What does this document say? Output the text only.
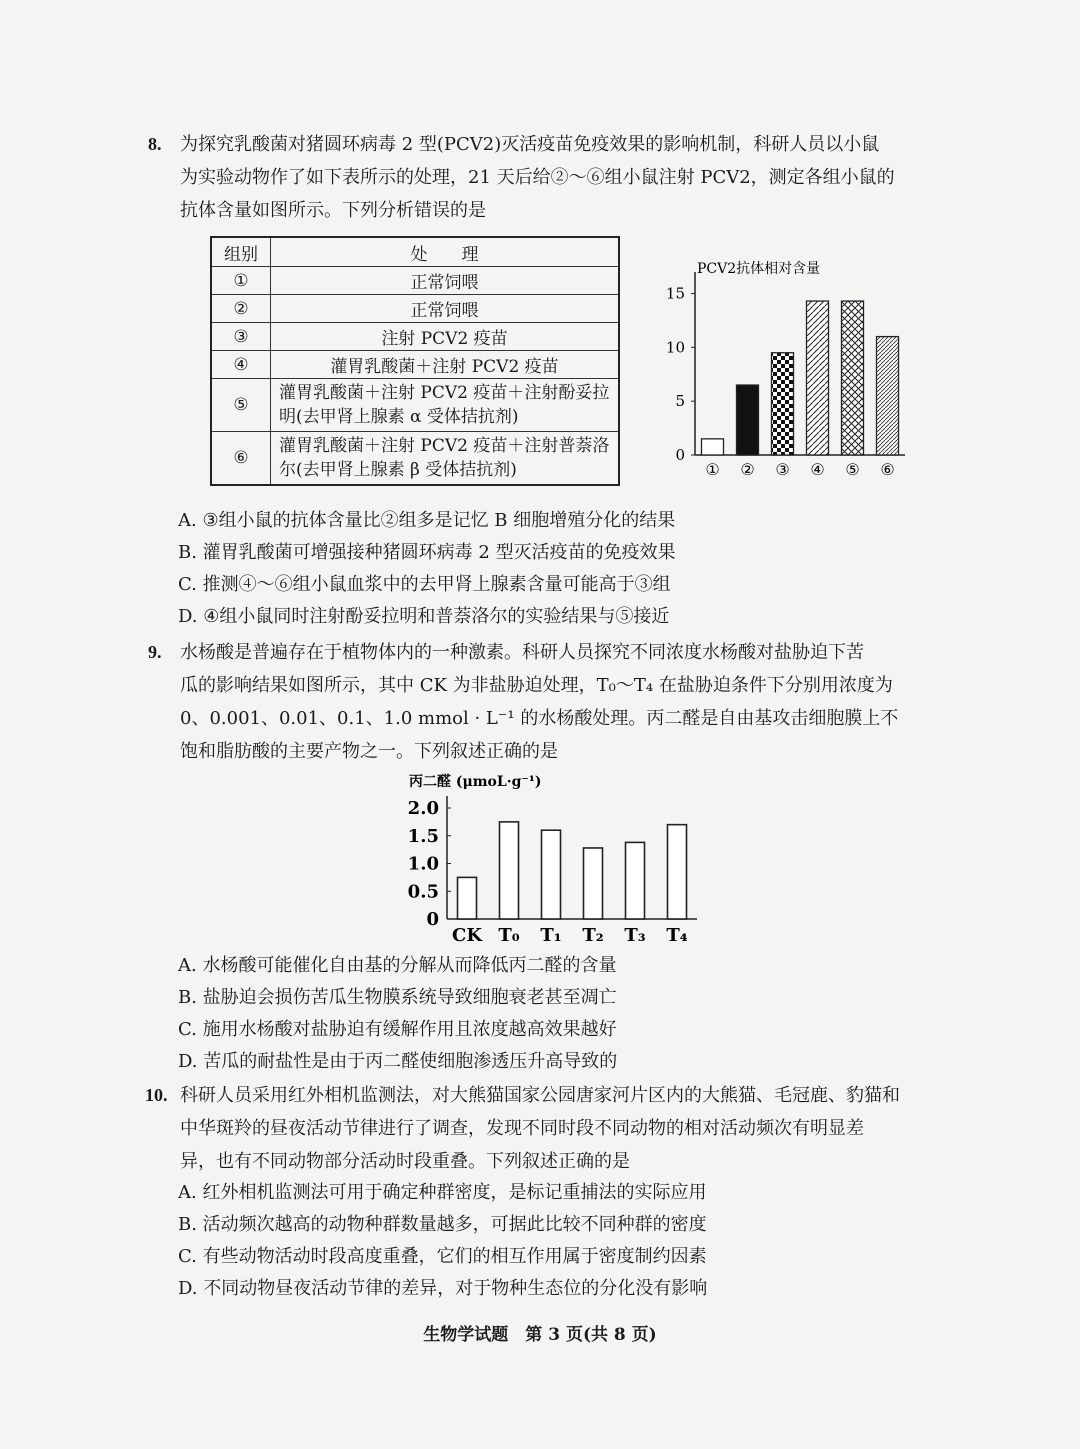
8. 为探究乳酸菌对猪圆环病毒 2 型(PCV2)灭活疫苗免疫效果的影响机制，科研人员以小鼠
为实验动物作了如下表所示的处理，21 天后给②～⑥组小鼠注射 PCV2，测定各组小鼠的
抗体含量如图所示。下列分析错误的是
组别	处　　理
①	正常饲喂
②	正常饲喂
③	注射 PCV2 疫苗
④	灌胃乳酸菌＋注射 PCV2 疫苗
⑤	灌胃乳酸菌＋注射 PCV2 疫苗＋注射酚妥拉明(去甲肾上腺素 α 受体拮抗剂)
⑥	灌胃乳酸菌＋注射 PCV2 疫苗＋注射普萘洛尔(去甲肾上腺素 β 受体拮抗剂)
PCV2抗体相对含量
0
5
10
15
① ② ③ ④ ⑤ ⑥
A. ③组小鼠的抗体含量比②组多是记忆 B 细胞增殖分化的结果
B. 灌胃乳酸菌可增强接种猪圆环病毒 2 型灭活疫苗的免疫效果
C. 推测④～⑥组小鼠血浆中的去甲肾上腺素含量可能高于③组
D. ④组小鼠同时注射酚妥拉明和普萘洛尔的实验结果与⑤接近
9. 水杨酸是普遍存在于植物体内的一种激素。科研人员探究不同浓度水杨酸对盐胁迫下苦
瓜的影响结果如图所示，其中 CK 为非盐胁迫处理，T₀～T₄ 在盐胁迫条件下分别用浓度为
0、0.001、0.01、0.1、1.0 mmol · L⁻¹ 的水杨酸处理。丙二醛是自由基攻击细胞膜上不
饱和脂肪酸的主要产物之一。下列叙述正确的是
丙二醛 (μmoL·g⁻¹)
0
0.5
1.0
1.5
2.0
CK T₀ T₁ T₂ T₃ T₄
A. 水杨酸可能催化自由基的分解从而降低丙二醛的含量
B. 盐胁迫会损伤苦瓜生物膜系统导致细胞衰老甚至凋亡
C. 施用水杨酸对盐胁迫有缓解作用且浓度越高效果越好
D. 苦瓜的耐盐性是由于丙二醛使细胞渗透压升高导致的
10. 科研人员采用红外相机监测法，对大熊猫国家公园唐家河片区内的大熊猫、毛冠鹿、豹猫和
中华斑羚的昼夜活动节律进行了调查，发现不同时段不同动物的相对活动频次有明显差
异，也有不同动物部分活动时段重叠。下列叙述正确的是
A. 红外相机监测法可用于确定种群密度，是标记重捕法的实际应用
B. 活动频次越高的动物种群数量越多，可据此比较不同种群的密度
C. 有些动物活动时段高度重叠，它们的相互作用属于密度制约因素
D. 不同动物昼夜活动节律的差异，对于物种生态位的分化没有影响
生物学试题　第 3 页(共 8 页)
